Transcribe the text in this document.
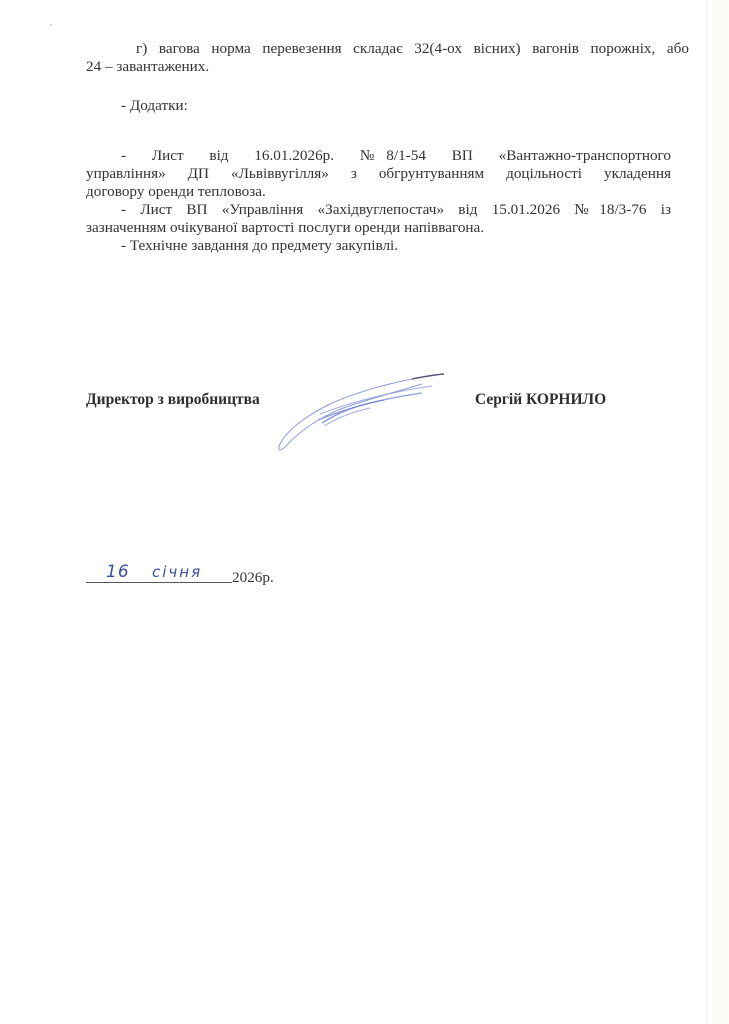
г) вагова норма перевезення складає 32(4-ох вісних) вагонів порожніх, або
24 – завантажених.
- Додатки:
- Лист від 16.01.2026р. №8/1-54 ВП «Вантажно-транспортного
управління» ДП «Львіввугілля» з обгрунтуванням доцільності укладення
договору оренди тепловоза.
- Лист ВП «Управління «Західвуглепостач» від 15.01.2026 №18/3-76 із
зазначенням очікуваної вартості послуги оренди напіввагона.
- Технічне завдання до предмету закупівлі.
Директор з виробництва	Сергій КОРНИЛО
16 січня 2026р.
